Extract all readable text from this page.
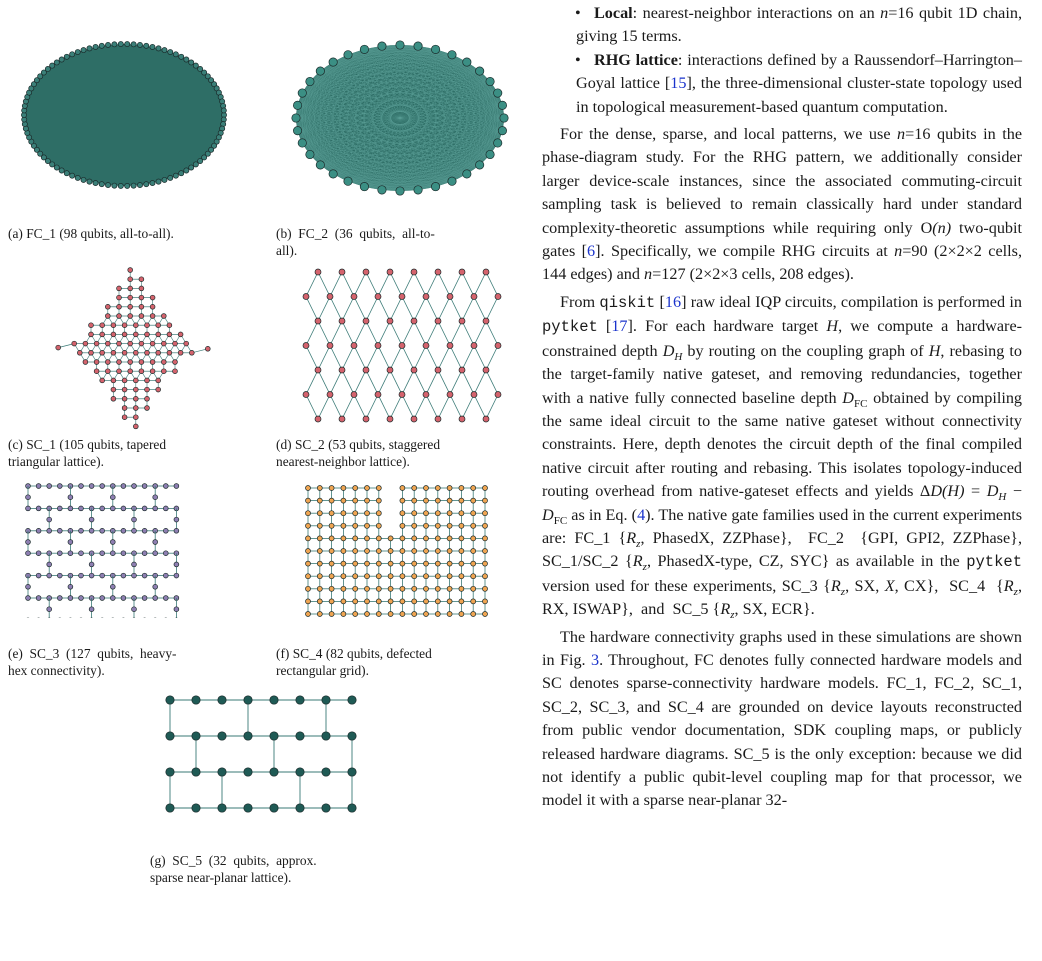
(a) FC_1 (98 qubits, all-to-all).	(b)  FC_2  (36  qubits,  all-to-
all).
(c) SC_1 (105 qubits, tapered
triangular lattice).
(d) SC_2 (53 qubits, staggered
nearest-neighbor lattice).
(e)  SC_3  (127  qubits,  heavy-
hex connectivity).
(f) SC_4 (82 qubits, defected
rectangular grid).
(g)  SC_5  (32  qubits,  approx.
sparse near-planar lattice).

• Local: nearest-neighbor interactions on an n=16 qubit 1D chain, giving 15 terms.

• RHG lattice: interactions defined by a Raussendorf–Harrington–Goyal lattice [15], the three-dimensional cluster-state topology used in topological measurement-based quantum computation.

For the dense, sparse, and local patterns, we use n=16 qubits in the phase-diagram study. For the RHG pattern, we additionally consider larger device-scale instances, since the associated commuting-circuit sampling task is believed to remain classically hard under standard complexity-theoretic assumptions while requiring only O(n) two-qubit gates [6]. Specifically, we compile RHG circuits at n=90 (2×2×2 cells, 144 edges) and n=127 (2×2×3 cells, 208 edges).

From qiskit [16] raw ideal IQP circuits, compilation is performed in pytket [17]. For each hardware target H, we compute a hardware-constrained depth $D_H$ by routing on the coupling graph of H, rebasing to the target-family native gateset, and removing redundancies, together with a native fully connected baseline depth $D_{FC}$ obtained by compiling the same ideal circuit to the same native gateset without connectivity constraints. Here, depth denotes the circuit depth of the final compiled native circuit after routing and rebasing. This isolates topology-induced routing overhead from native-gateset effects and yields $\Delta D(H) = D_H - D_{FC}$ as in Eq. (4). The native gate families used in the current experiments are: FC_1 {$R_z$, PhasedX, ZZPhase},  FC_2  {GPI, GPI2, ZZPhase}, SC_1/SC_2 {$R_z$, PhasedX-type, CZ, SYC} as available in the pytket version used for these experiments, SC_3 {$R_z$, SX, X, CX},  SC_4  {$R_z$, RX, ISWAP},  and  SC_5 {$R_z$, SX, ECR}.

The hardware connectivity graphs used in these simulations are shown in Fig. 3. Throughout, FC denotes fully connected hardware models and SC denotes sparse-connectivity hardware models. FC_1, FC_2, SC_1, SC_2, SC_3, and SC_4 are grounded on device layouts reconstructed from public vendor documentation, SDK coupling maps, or publicly released hardware diagrams. SC_5 is the only exception: because we did not identify a public qubit-level coupling map for that processor, we model it with a sparse near-planar 32-
